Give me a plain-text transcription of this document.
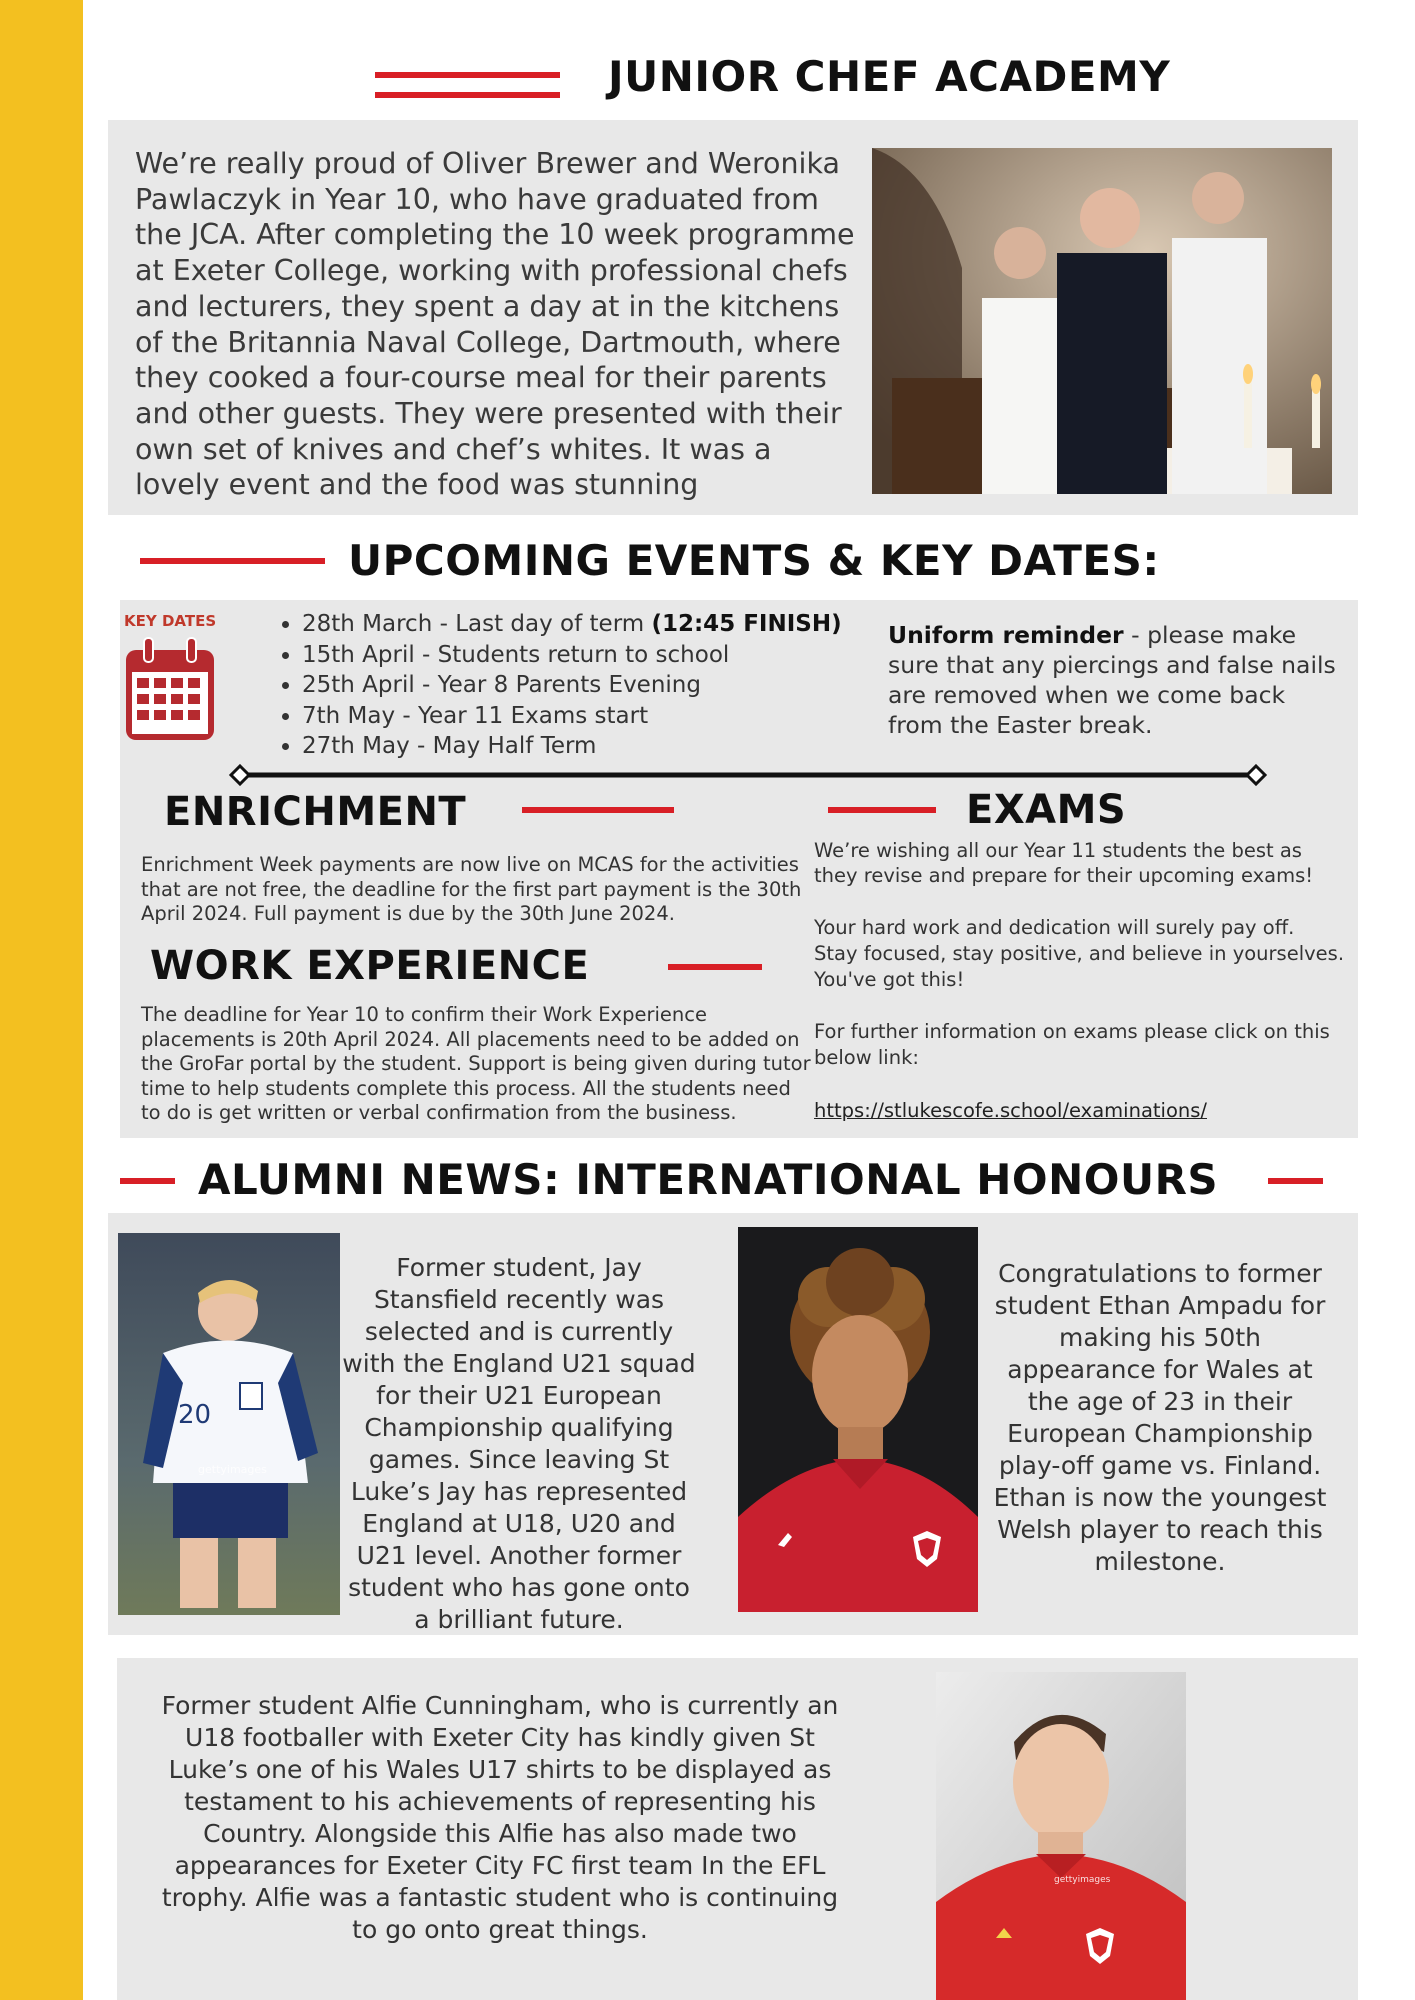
JUNIOR CHEF ACADEMY
We’re really proud of Oliver Brewer and Weronika Pawlaczyk in Year 10, who have graduated from the JCA. After completing the 10 week programme at Exeter College, working with professional chefs and lecturers, they spent a day at in the kitchens of the Britannia Naval College, Dartmouth, where they cooked a four-course meal for their parents and other guests. They were presented with their own set of knives and chef’s whites. It was a lovely event and the food was stunning
UPCOMING EVENTS & KEY DATES:
KEY DATES
•	28th March - Last day of term (12:45 FINISH)
• 15th April - Students return to school
• 25th April - Year 8 Parents Evening
• 7th May - Year 11 Exams start
• 27th May - May Half Term
Uniform reminder - please make sure that any piercings and false nails are removed when we come back from the Easter break.
ENRICHMENT
Enrichment Week payments are now live on MCAS for the activities that are not free, the deadline for the first part payment is the 30th April 2024. Full payment is due by the 30th June 2024.
WORK EXPERIENCE
The deadline for Year 10 to confirm their Work Experience placements is 20th April 2024. All placements need to be added on the GroFar portal by the student. Support is being given during tutor time to help students complete this process. All the students need to do is get written or verbal confirmation from the business.
EXAMS
We’re wishing all our Year 11 students the best as they revise and prepare for their upcoming exams!
Your hard work and dedication will surely pay off. Stay focused, stay positive, and believe in yourselves. You've got this!
For further information on exams please click on this below link:
https://stlukescofe.school/examinations/
ALUMNI NEWS: INTERNATIONAL HONOURS
20
gettyimages
Former student, Jay Stansfield recently was selected and is currently with the England U21 squad for their U21 European Championship qualifying games. Since leaving St Luke’s Jay has represented England at U18, U20 and U21 level. Another former student who has gone onto a brilliant future.
Congratulations to former student Ethan Ampadu for making his 50th appearance for Wales at the age of 23 in their European Championship play-off game vs. Finland. Ethan is now the youngest Welsh player to reach this milestone.
Former student Alfie Cunningham, who is currently an U18 footballer with Exeter City has kindly given St Luke’s one of his Wales U17 shirts to be displayed as testament to his achievements of representing his Country. Alongside this Alfie has also made two appearances for Exeter City FC first team In the EFL trophy. Alfie was a fantastic student who is continuing to go onto great things.
gettyimages
